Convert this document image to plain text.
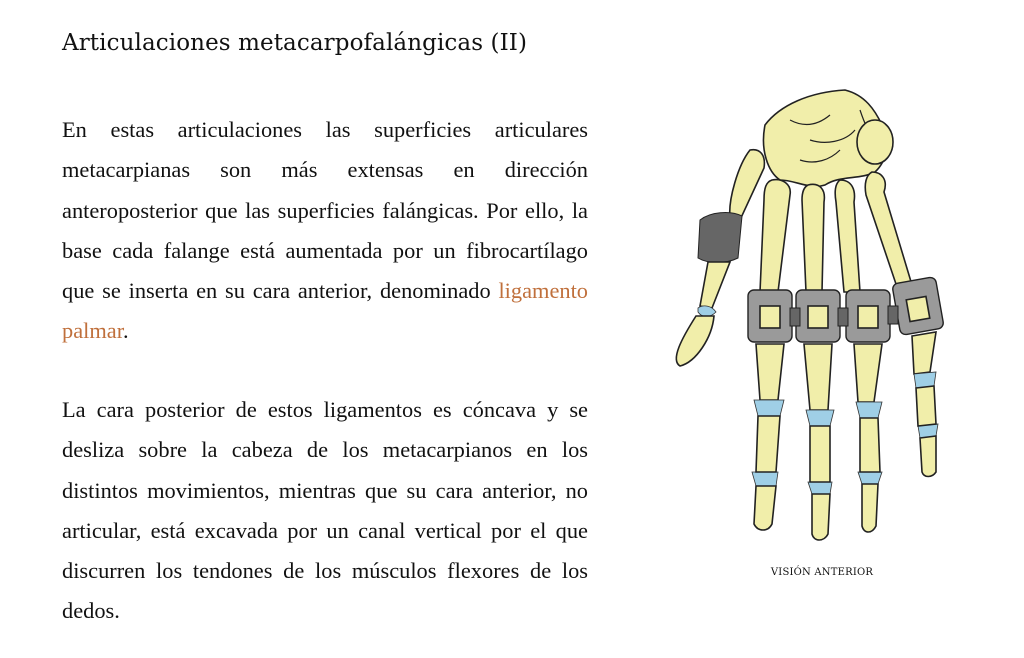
Articulaciones metacarpofalángicas (II)

En estas articulaciones las superficies articulares metacarpianas son más extensas en dirección anteroposterior que las superficies falángicas. Por ello, la base cada falange está aumentada por un fibrocartílago que se inserta en su cara anterior, denominado ligamento palmar.

La cara posterior de estos ligamentos es cóncava y se desliza sobre la cabeza de los metacarpianos en los distintos movimientos, mientras que su cara anterior, no articular, está excavada por un canal vertical por el que discurren los tendones de los músculos flexores de los dedos.

VISIÓN ANTERIOR
